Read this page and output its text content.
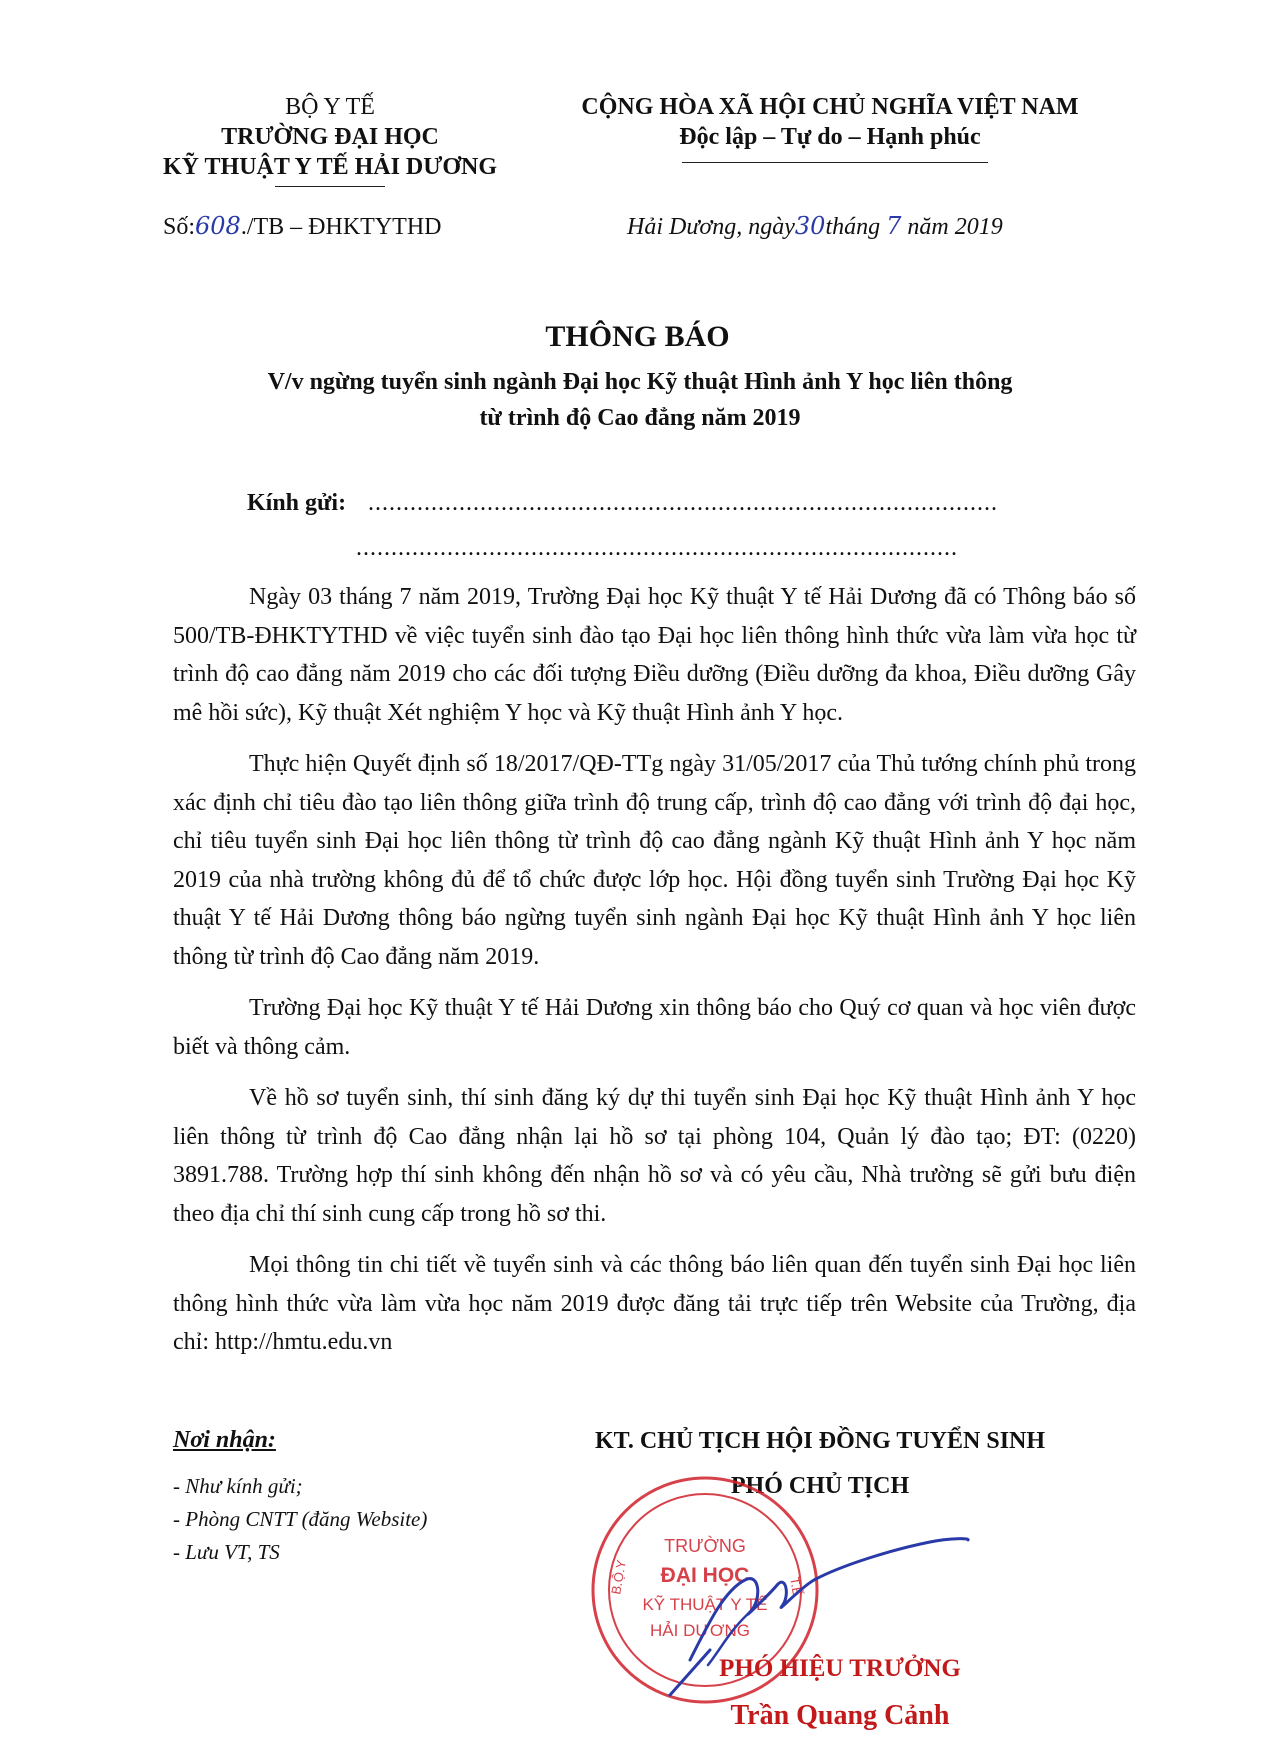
BỘ Y TẾ
TRƯỜNG ĐẠI HỌC
KỸ THUẬT Y TẾ HẢI DƯƠNG
CỘNG HÒA XÃ HỘI CHỦ NGHĨA VIỆT NAM
Độc lập – Tự do – Hạnh phúc
Số:608./TB – ĐHKTYTHD	Hải Dương, ngày30tháng 7 năm 2019
THÔNG BÁO
V/v ngừng tuyển sinh ngành Đại học Kỹ thuật Hình ảnh Y học liên thông
từ trình độ Cao đẳng năm 2019
Kính gửi: ..........................................................................................
......................................................................................

Ngày 03 tháng 7 năm 2019, Trường Đại học Kỹ thuật Y tế Hải Dương đã có Thông báo số 500/TB-ĐHKTYTHD về việc tuyển sinh đào tạo Đại học liên thông hình thức vừa làm vừa học từ trình độ cao đẳng năm 2019 cho các đối tượng Điều dưỡng (Điều dưỡng đa khoa, Điều dưỡng Gây mê hồi sức), Kỹ thuật Xét nghiệm Y học và Kỹ thuật Hình ảnh Y học.

Thực hiện Quyết định số 18/2017/QĐ-TTg ngày 31/05/2017 của Thủ tướng chính phủ trong xác định chỉ tiêu đào tạo liên thông giữa trình độ trung cấp, trình độ cao đẳng với trình độ đại học, chỉ tiêu tuyển sinh Đại học liên thông từ trình độ cao đẳng ngành Kỹ thuật Hình ảnh Y học năm 2019 của nhà trường không đủ để tổ chức được lớp học. Hội đồng tuyển sinh Trường Đại học Kỹ thuật Y tế Hải Dương thông báo ngừng tuyển sinh ngành Đại học Kỹ thuật Hình ảnh Y học liên thông từ trình độ Cao đẳng năm 2019.

Trường Đại học Kỹ thuật Y tế Hải Dương xin thông báo cho Quý cơ quan và học viên được biết và thông cảm.

Về hồ sơ tuyển sinh, thí sinh đăng ký dự thi tuyển sinh Đại học Kỹ thuật Hình ảnh Y học liên thông từ trình độ Cao đẳng nhận lại hồ sơ tại phòng 104, Quản lý đào tạo; ĐT: (0220) 3891.788. Trường hợp thí sinh không đến nhận hồ sơ và có yêu cầu, Nhà trường sẽ gửi bưu điện theo địa chỉ thí sinh cung cấp trong hồ sơ thi.

Mọi thông tin chi tiết về tuyển sinh và các thông báo liên quan đến tuyển sinh Đại học liên thông hình thức vừa làm vừa học năm 2019 được đăng tải trực tiếp trên Website của Trường, địa chỉ: http://hmtu.edu.vn

Nơi nhận:
- Như kính gửi;
- Phòng CNTT (đăng Website)
- Lưu VT, TS
KT. CHỦ TỊCH HỘI ĐỒNG TUYỂN SINH
PHÓ CHỦ TỊCH
B.Ộ.Y	T.Ế
TRƯỜNG
ĐẠI HỌC
KỸ THUẬT Y TẾ
HẢI DƯƠNG
PHÓ HIỆU TRƯỞNG
Trần Quang Cảnh
